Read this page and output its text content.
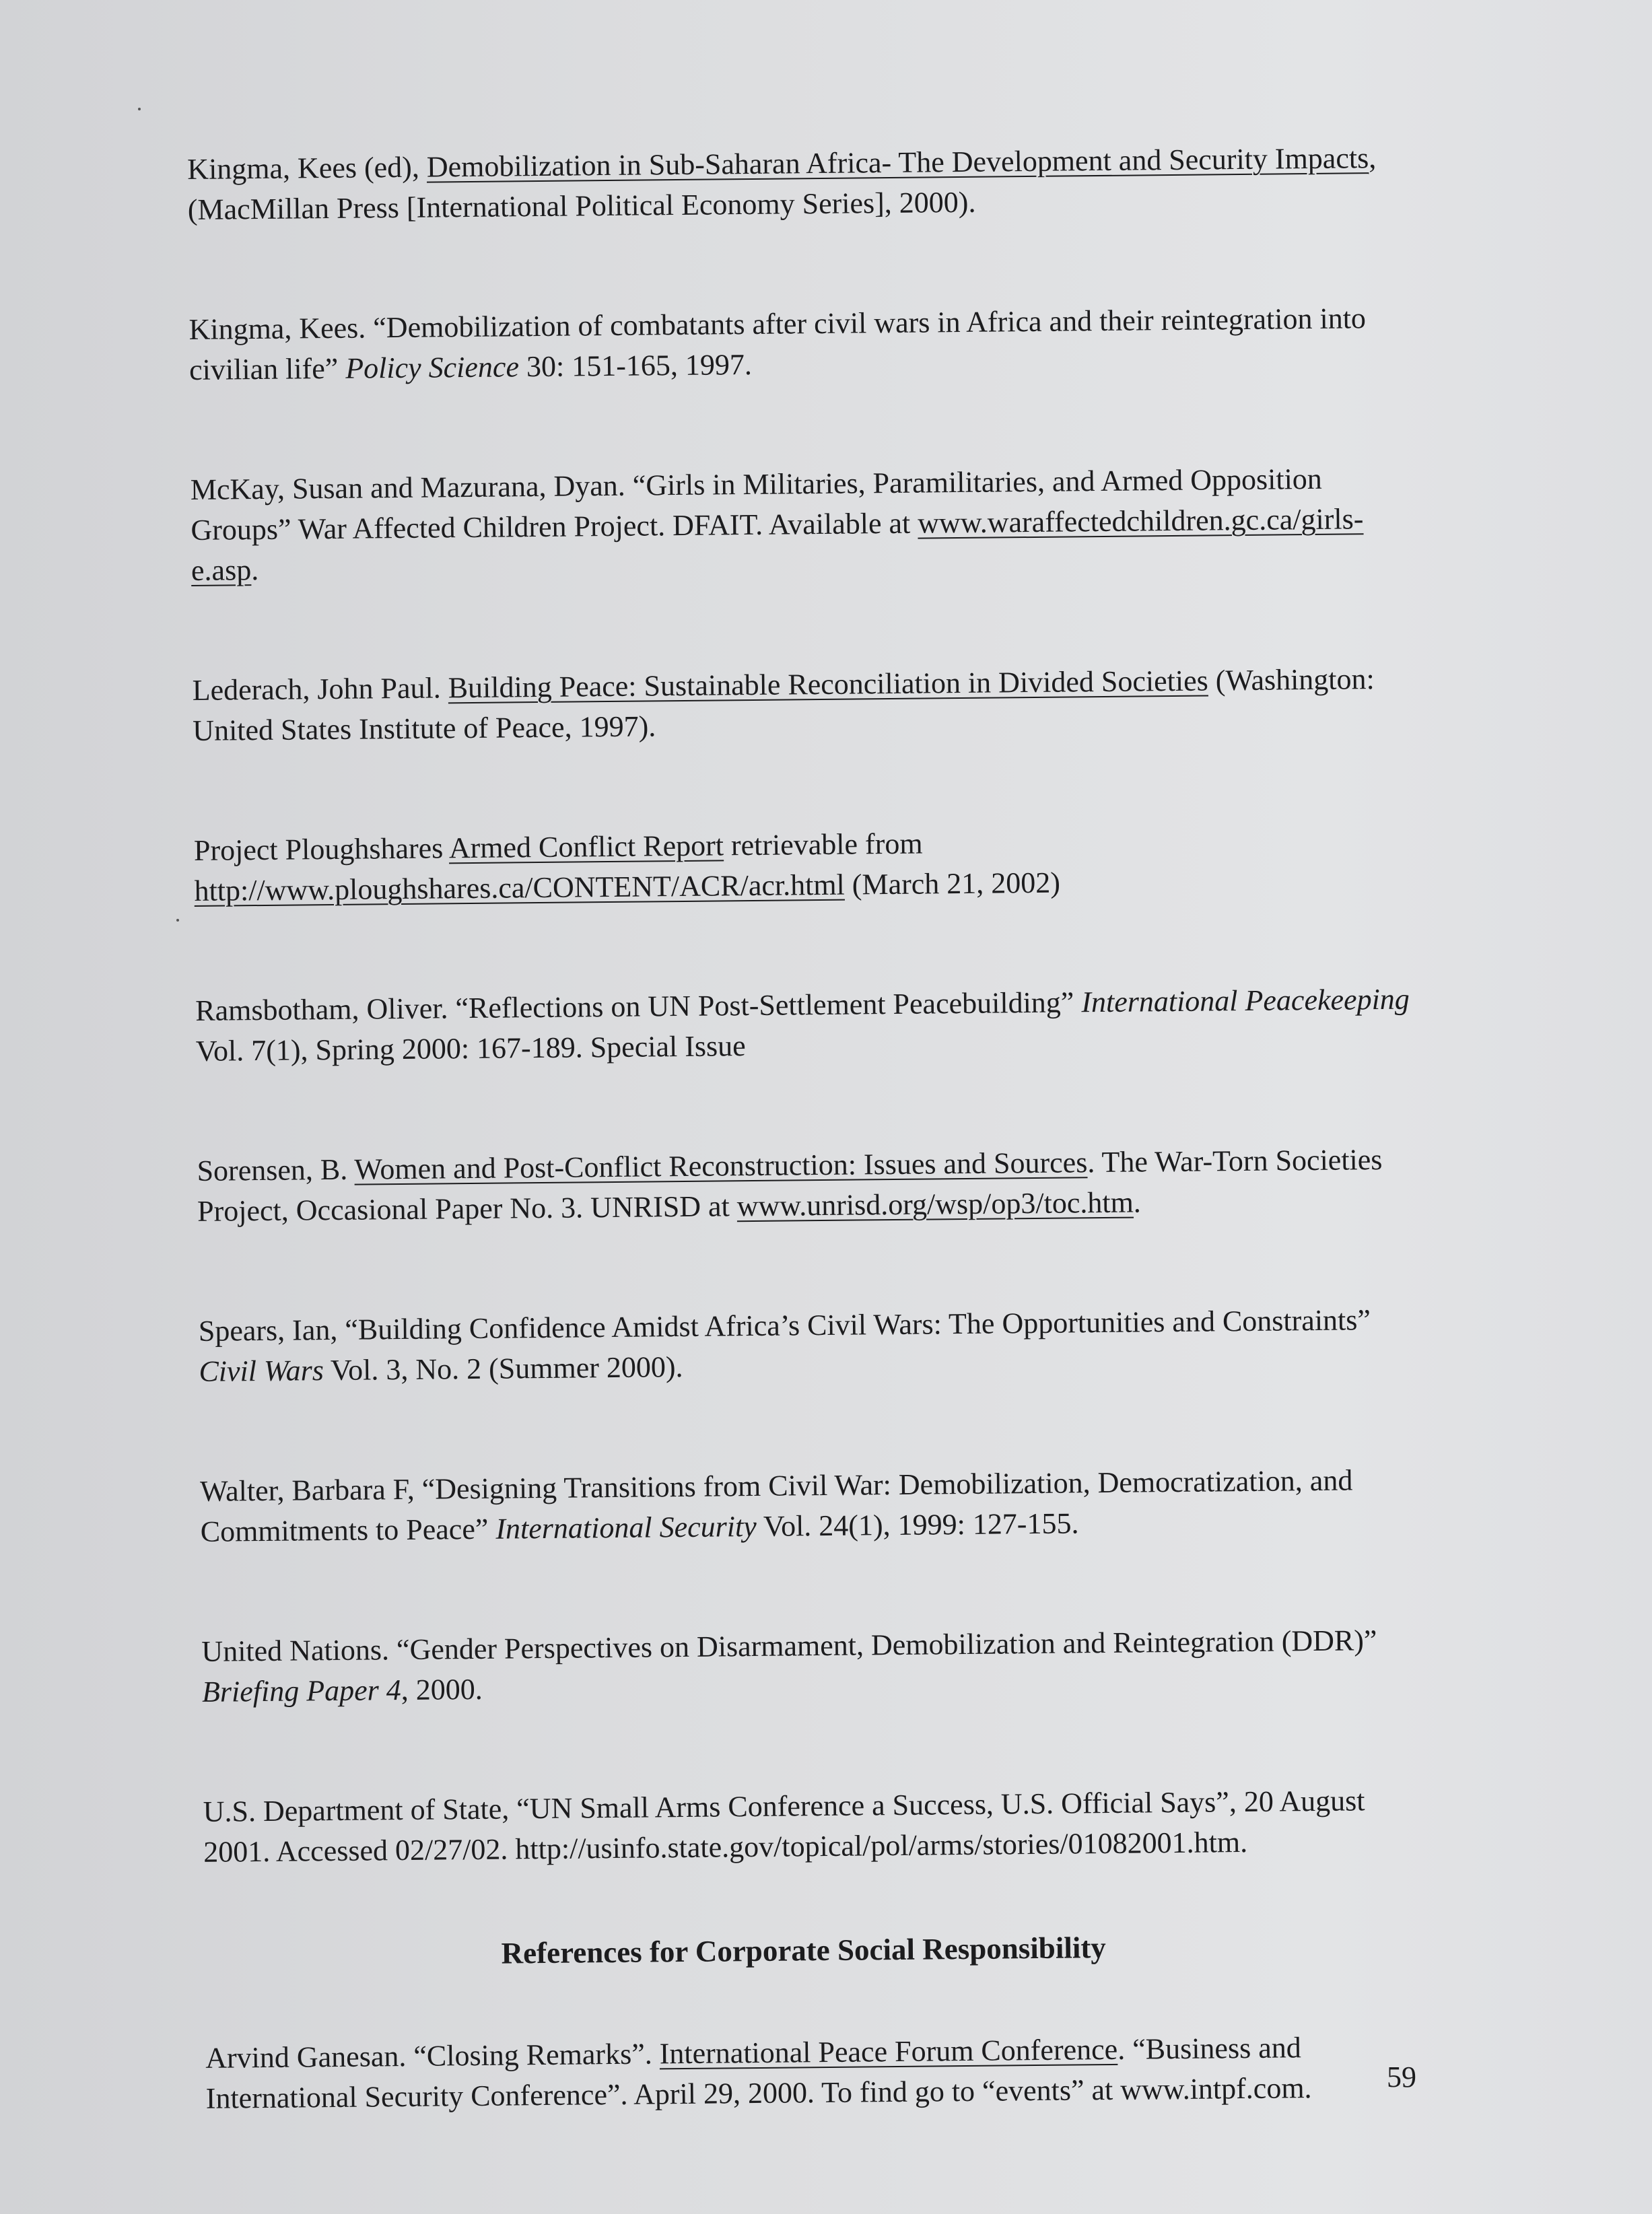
Kingma, Kees (ed), Demobilization in Sub-Saharan Africa- The Development and Security Impacts, (MacMillan Press [International Political Economy Series], 2000).

Kingma, Kees. “Demobilization of combatants after civil wars in Africa and their reintegration into civilian life” Policy Science 30: 151-165, 1997.

McKay, Susan and Mazurana, Dyan. “Girls in Militaries, Paramilitaries, and Armed Opposition Groups” War Affected Children Project. DFAIT. Available at www.waraffectedchildren.gc.ca/girls-e.asp.

Lederach, John Paul. Building Peace: Sustainable Reconciliation in Divided Societies (Washington: United States Institute of Peace, 1997).

Project Ploughshares Armed Conflict Report retrievable from http://www.ploughshares.ca/CONTENT/ACR/acr.html (March 21, 2002)

Ramsbotham, Oliver. “Reflections on UN Post-Settlement Peacebuilding” International Peacekeeping Vol. 7(1), Spring 2000: 167-189. Special Issue

Sorensen, B. Women and Post-Conflict Reconstruction: Issues and Sources. The War-Torn Societies Project, Occasional Paper No. 3. UNRISD at www.unrisd.org/wsp/op3/toc.htm.

Spears, Ian, “Building Confidence Amidst Africa’s Civil Wars: The Opportunities and Constraints” Civil Wars Vol. 3, No. 2 (Summer 2000).

Walter, Barbara F, “Designing Transitions from Civil War: Demobilization, Democratization, and Commitments to Peace” International Security Vol. 24(1), 1999: 127-155.

United Nations. “Gender Perspectives on Disarmament, Demobilization and Reintegration (DDR)” Briefing Paper 4, 2000.

U.S. Department of State, “UN Small Arms Conference a Success, U.S. Official Says”, 20 August 2001. Accessed 02/27/02. http://usinfo.state.gov/topical/pol/arms/stories/01082001.htm.

References for Corporate Social Responsibility

Arvind Ganesan. “Closing Remarks”. International Peace Forum Conference. “Business and International Security Conference”. April 29, 2000. To find go to “events” at www.intpf.com.	59
